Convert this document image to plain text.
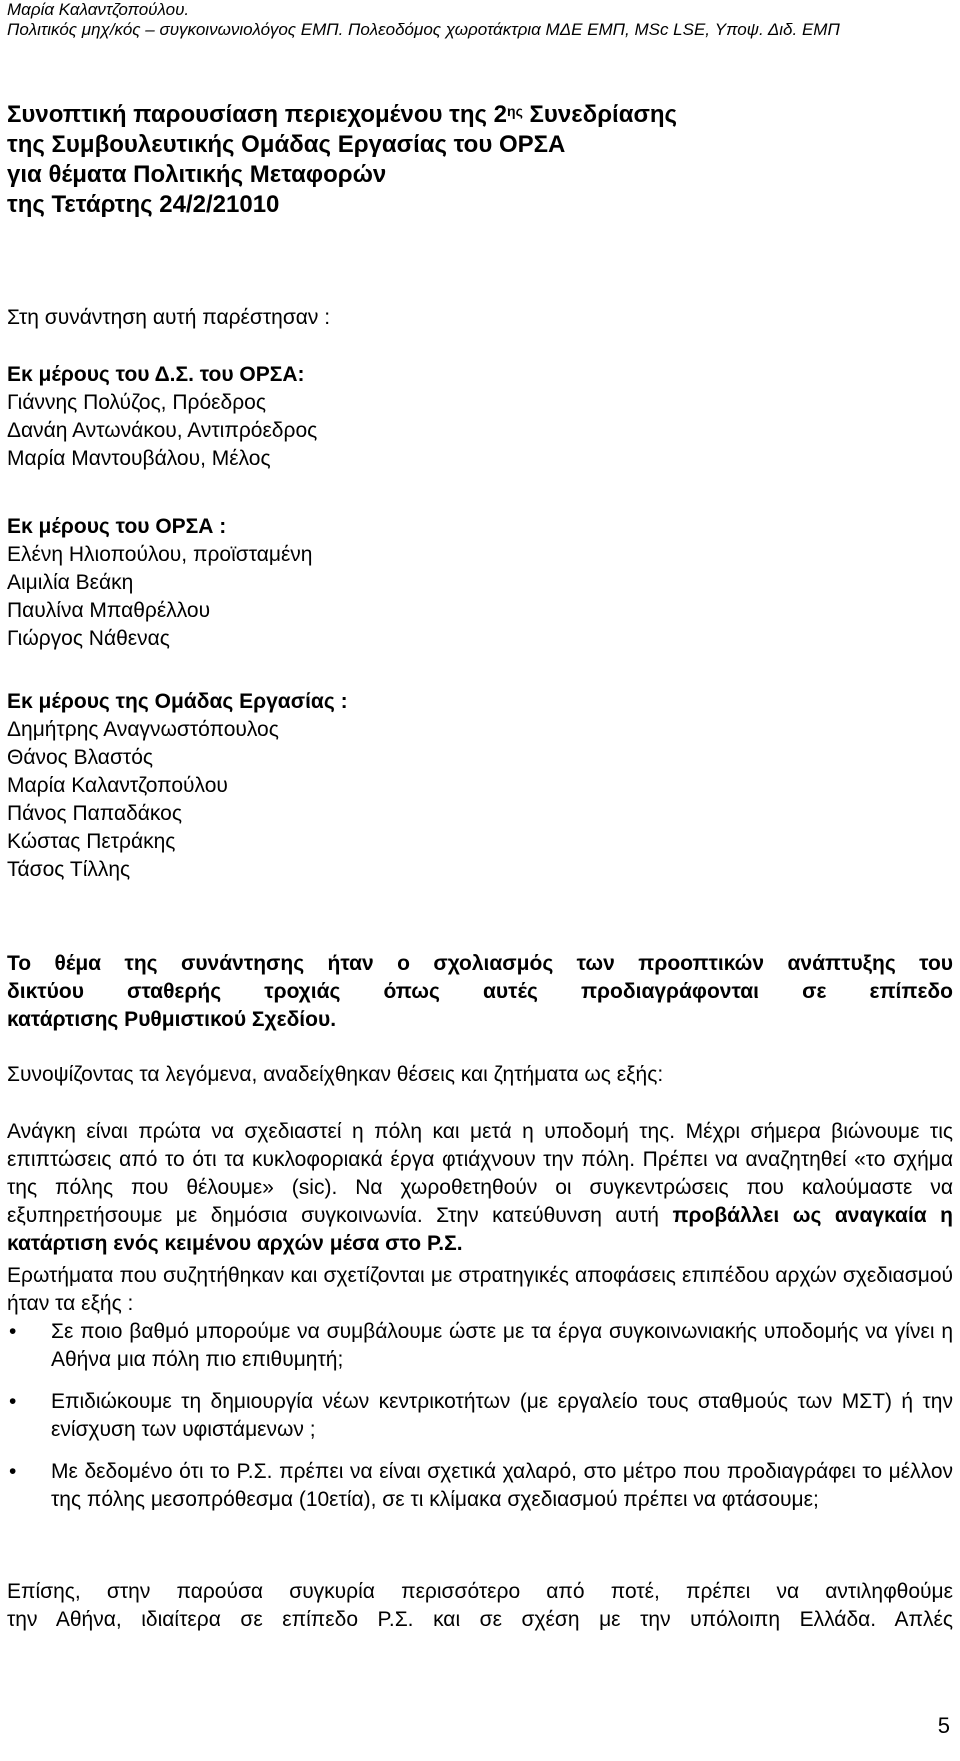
Μαρία Καλαντζοπούλου.
Πολιτικός μηχ/κός – συγκοινωνιολόγος ΕΜΠ. Πολεοδόμος χωροτάκτρια ΜΔΕ ΕΜΠ, MSc LSE, Υποψ. Διδ. ΕΜΠ
Συνοπτική παρουσίαση περιεχομένου της $2^{\eta\varsigma}$ Συνεδρίασης
της Συμβουλευτικής Ομάδας Εργασίας του ΟΡΣΑ
για θέματα Πολιτικής Μεταφορών
της Τετάρτης 24/2/21010
Στη συνάντηση αυτή παρέστησαν :
Εκ μέρους του Δ.Σ. του ΟΡΣΑ:
Γιάννης Πολύζος, Πρόεδρος
Δανάη Αντωνάκου, Αντιπρόεδρος
Μαρία Μαντουβάλου, Μέλος
Εκ μέρους του ΟΡΣΑ :
Ελένη Ηλιοπούλου, προϊσταμένη
Αιμιλία Βεάκη
Παυλίνα Μπαθρέλλου
Γιώργος Νάθενας
Εκ μέρους της Ομάδας Εργασίας :
Δημήτρης Αναγνωστόπουλος
Θάνος Βλαστός
Μαρία Καλαντζοπούλου
Πάνος Παπαδάκος
Κώστας Πετράκης
Τάσος Τίλλης
Το θέμα της συνάντησης ήταν ο σχολιασμός των προοπτικών ανάπτυξης του
δικτύου σταθερής τροχιάς όπως αυτές προδιαγράφονται σε επίπεδο
κατάρτισης Ρυθμιστικού Σχεδίου.
Συνοψίζοντας τα λεγόμενα, αναδείχθηκαν θέσεις και ζητήματα ως εξής:
Ανάγκη είναι πρώτα να σχεδιαστεί η πόλη και μετά η υποδομή της. Μέχρι σήμερα βιώνουμε τις επιπτώσεις από το ότι τα κυκλοφοριακά έργα φτιάχνουν την πόλη. Πρέπει να αναζητηθεί «το σχήμα της πόλης που θέλουμε» (sic). Να χωροθετηθούν οι συγκεντρώσεις που καλούμαστε να εξυπηρετήσουμε με δημόσια συγκοινωνία. Στην κατεύθυνση αυτή προβάλλει ως αναγκαία η κατάρτιση ενός κειμένου αρχών μέσα στο Ρ.Σ.
Ερωτήματα που συζητήθηκαν και σχετίζονται με στρατηγικές αποφάσεις επιπέδου αρχών σχεδιασμού ήταν τα εξής :
•	Σε ποιο βαθμό μπορούμε να συμβάλουμε ώστε με τα έργα συγκοινωνιακής υποδομής να γίνει η Αθήνα μια πόλη πιο επιθυμητή;
•	Επιδιώκουμε τη δημιουργία νέων κεντρικοτήτων (με εργαλείο τους σταθμούς των ΜΣΤ) ή την ενίσχυση των υφιστάμενων ;
•	Με δεδομένο ότι το Ρ.Σ. πρέπει να είναι σχετικά χαλαρό, στο μέτρο που προδιαγράφει το μέλλον της πόλης μεσοπρόθεσμα (10ετία), σε τι κλίμακα σχεδιασμού πρέπει να φτάσουμε;
Επίσης, στην παρούσα συγκυρία περισσότερο από ποτέ, πρέπει να αντιληφθούμε
την Αθήνα, ιδιαίτερα σε επίπεδο Ρ.Σ. και σε σχέση με την υπόλοιπη Ελλάδα. Απλές
5
